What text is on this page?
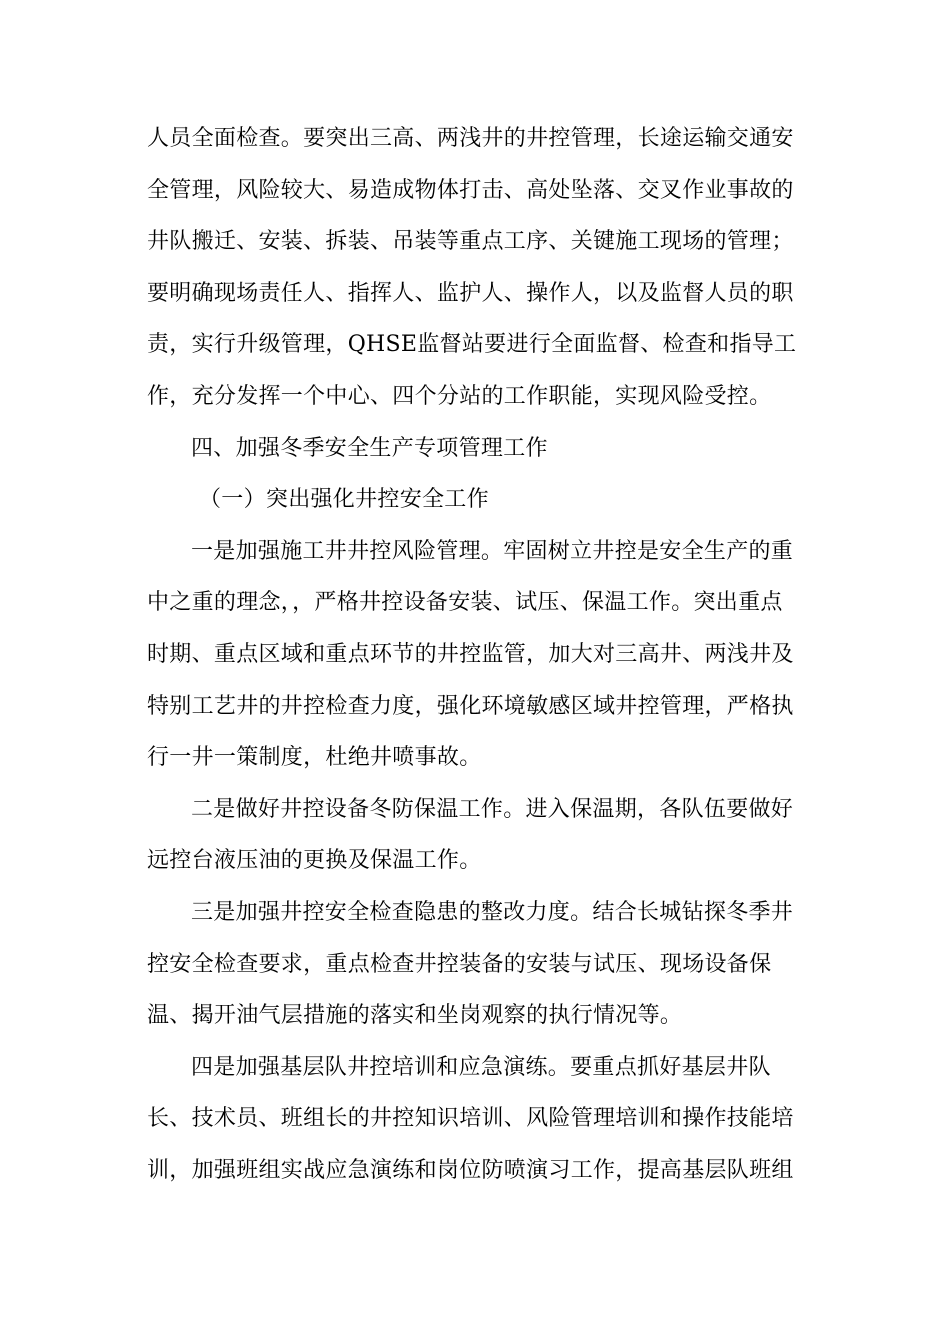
人员全面检查。要突出三高、两浅井的井控管理，长途运输交通安
全管理，风险较大、易造成物体打击、高处坠落、交叉作业事故的
井队搬迁、安装、拆装、吊装等重点工序、关键施工现场的管理；
要明确现场责任人、指挥人、监护人、操作人，以及监督人员的职
责，实行升级管理，QHSE监督站要进行全面监督、检查和指导工
作，充分发挥一个中心、四个分站的工作职能，实现风险受控。
四、加强冬季安全生产专项管理工作
（一）突出强化井控安全工作
一是加强施工井井控风险管理。牢固树立井控是安全生产的重
中之重的理念，，严格井控设备安装、试压、保温工作。突出重点
时期、重点区域和重点环节的井控监管，加大对三高井、两浅井及
特别工艺井的井控检查力度，强化环境敏感区域井控管理，严格执
行一井一策制度，杜绝井喷事故。
二是做好井控设备冬防保温工作。进入保温期，各队伍要做好
远控台液压油的更换及保温工作。
三是加强井控安全检查隐患的整改力度。结合长城钻探冬季井
控安全检查要求，重点检查井控装备的安装与试压、现场设备保
温、揭开油气层措施的落实和坐岗观察的执行情况等。
四是加强基层队井控培训和应急演练。要重点抓好基层井队
长、技术员、班组长的井控知识培训、风险管理培训和操作技能培
训，加强班组实战应急演练和岗位防喷演习工作，提高基层队班组
